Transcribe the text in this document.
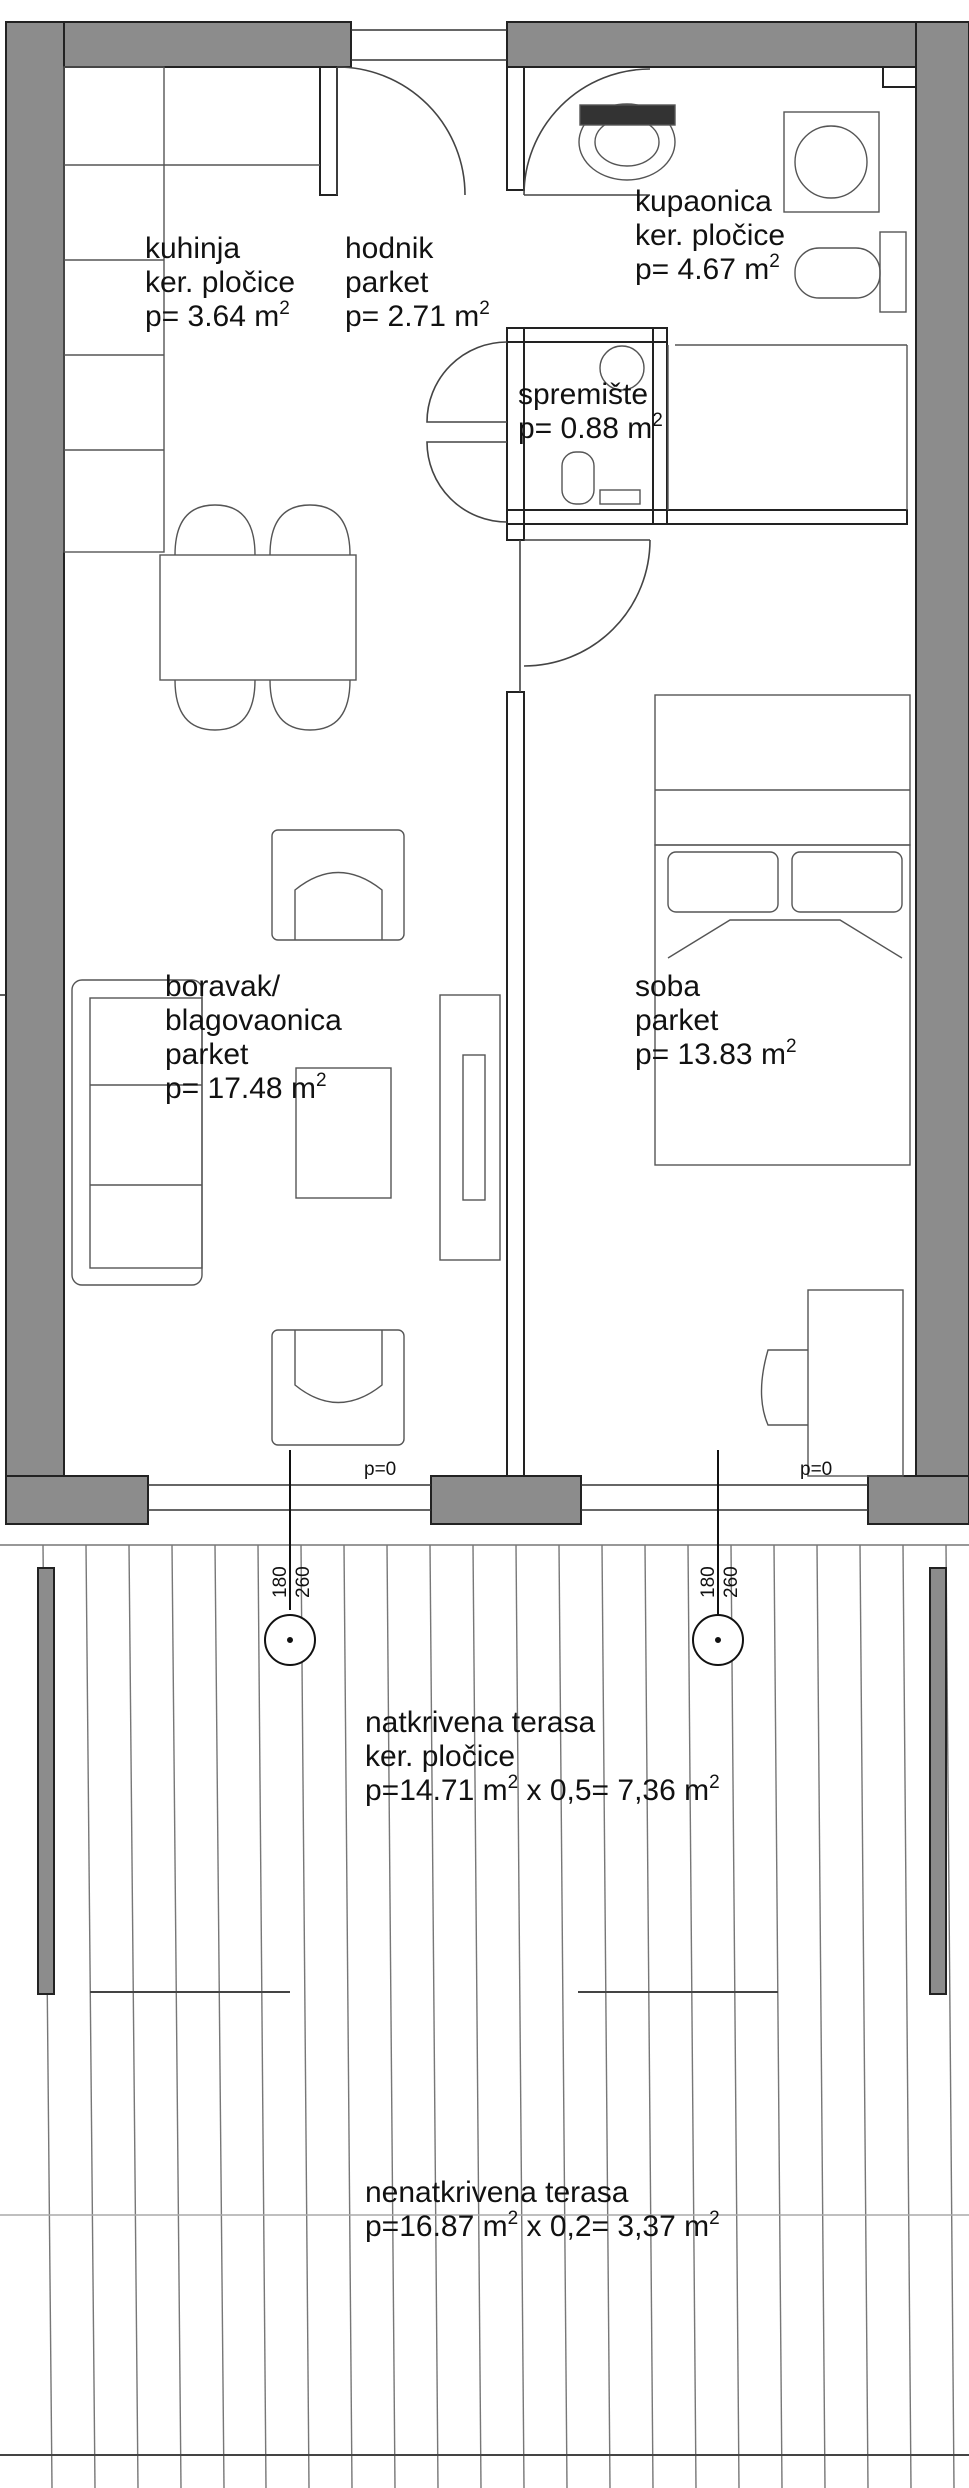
kuhinja
ker. pločice
p= 3.64 $m^2$
hodnik
parket
p= 2.71 $m^2$
kupaonica
ker. pločice
p= 4.67 $m^2$
spremište
p= 0.88 $m^2$
boravak/
blagovaonica
parket
p= 17.48 $m^2$
soba
parket
p= 13.83 $m^2$
natkrivena terasa
ker. pločice
p=14.71 $m^2$ x 0,5= 7,36 $m^2$
nenatkrivena terasa
p=16.87 $m^2$ x 0,2= 3,37 $m^2$
p=0	p=0
180 260	180 260
